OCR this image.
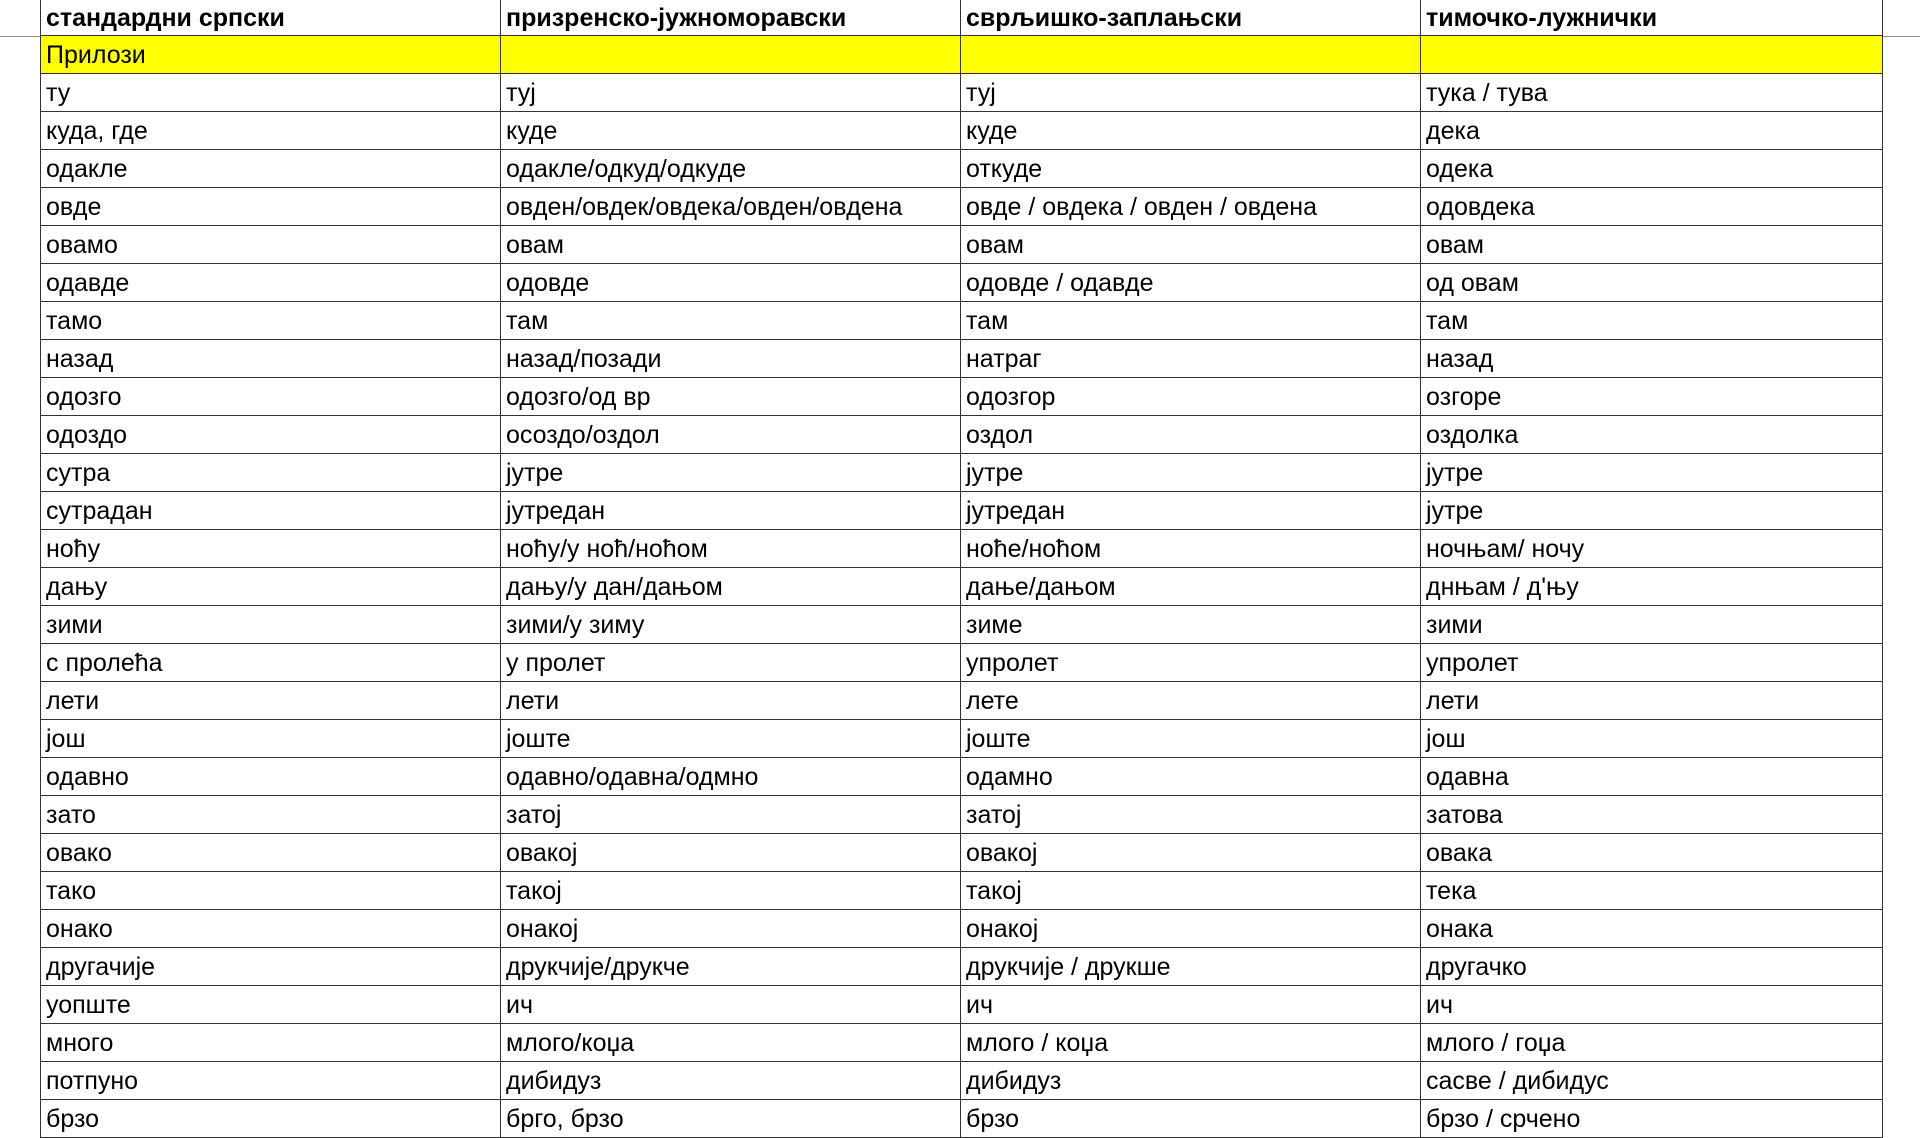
стандардни српски	призренско-јужноморавски	сврљишко-заплањски	тимочко-лужнички
Прилози			
ту	туј	туј	тука / тува
куда, где	куде	куде	дека
одакле	одакле/одкуд/одкуде	откуде	одека
овде	овден/овдек/овдека/овден/овдена	овде / овдека / овден / овдена	одовдека
овамо	овам	овам	овам
одавде	одовде	одовде / одавде	од овам
тамо	там	там	там
назад	назад/позади	натраг	назад
одозго	одозго/од вр	одозгор	озгоре
одоздо	осоздо/оздол	оздол	оздолка
сутра	јутре	јутре	јутре
сутрадан	јутредан	јутредан	јутре
ноћу	ноћу/у ноћ/ноћом	ноће/ноћом	ночњам/ ночу
дању	дању/у дан/дањом	дање/дањом	днњам / д'њу
зими	зими/у зиму	зиме	зими
с пролећа	у пролет	упролет	упролет
лети	лети	лете	лети
још	јоште	јоште	још
одавно	одавно/одавна/одмно	одамно	одавна
зато	затој	затој	затова
овако	овакој	овакој	овака
тако	такој	такој	тека
онако	онакој	онакој	онака
другачије	друкчије/друкче	друкчије / друкше	другачко
уопште	ич	ич	ич
много	млого/коџа	млого / коџа	млого / гоџа
потпуно	дибидуз	дибидуз	сасве / дибидус
брзо	брго, брзо	брзо	брзо / срчено
